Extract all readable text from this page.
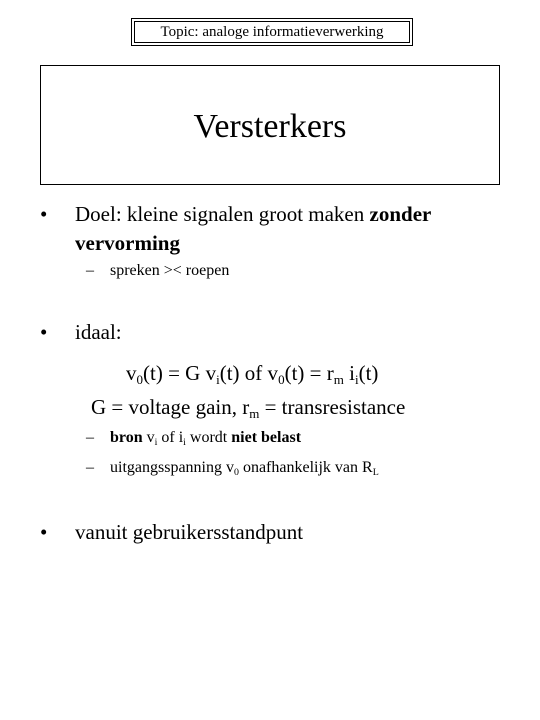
Topic: analoge informatieverwerking
Versterkers
• Doel: kleine signalen groot maken zonder vervorming
– spreken >< roepen
• idaal:
$v_0(t) = G$ $v_i(t)$ of $v_0(t) = r_m$ $i_i(t)$
G = voltage gain, $r_m$ = transresistance
– bron $v_i$ of $i_i$ wordt niet belast
– uitgangsspanning $v_0$ onafhankelijk van $R_L$
• vanuit gebruikersstandpunt
